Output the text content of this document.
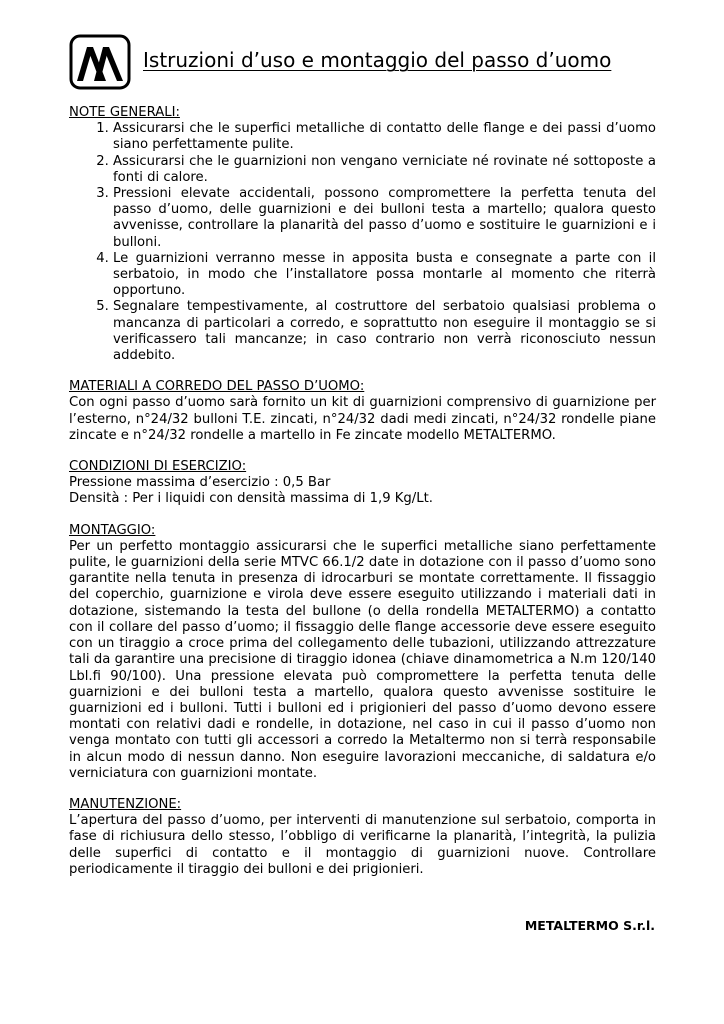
Istruzioni d’uso e montaggio del passo d’uomo
NOTE GENERALI:
1. Assicurarsi che le superfici metalliche di contatto delle flange e dei passi d’uomo siano perfettamente pulite.
2. Assicurarsi che le guarnizioni non vengano verniciate né rovinate né sottoposte a fonti di calore.
3. Pressioni elevate accidentali, possono compromettere la perfetta tenuta del passo d’uomo, delle guarnizioni e dei bulloni testa a martello; qualora questo avvenisse, controllare la planarità del passo d’uomo e sostituire le guarnizioni e i bulloni.
4. Le guarnizioni verranno messe in apposita busta e consegnate a parte con il serbatoio, in modo che l’installatore possa montarle al momento che riterrà opportuno.
5. Segnalare tempestivamente, al costruttore del serbatoio qualsiasi problema o mancanza di particolari a corredo, e soprattutto non eseguire il montaggio se si verificassero tali mancanze; in caso contrario non verrà riconosciuto nessun addebito.
MATERIALI A CORREDO DEL PASSO D’UOMO:

Con ogni passo d’uomo sarà fornito un kit di guarnizioni comprensivo di guarnizione per l’esterno, n°24/32 bulloni T.E. zincati, n°24/32 dadi medi zincati, n°24/32 rondelle piane zincate e n°24/32 rondelle a martello in Fe zincate modello METALTERMO.

CONDIZIONI DI ESERCIZIO:
Pressione massima d’esercizio : 0,5 Bar
Densità : Per i liquidi con densità massima di 1,9 Kg/Lt.
MONTAGGIO:

Per un perfetto montaggio assicurarsi che le superfici metalliche siano perfettamente pulite, le guarnizioni della serie MTVC 66.1/2 date in dotazione con il passo d’uomo sono garantite nella tenuta in presenza di idrocarburi se montate correttamente. Il fissaggio del coperchio, guarnizione e virola deve essere eseguito utilizzando i materiali dati in dotazione, sistemando la testa del bullone (o della rondella METALTERMO) a contatto con il collare del passo d’uomo; il fissaggio delle flange accessorie deve essere eseguito con un tiraggio a croce prima del collegamento delle tubazioni, utilizzando attrezzature tali da garantire una precisione di tiraggio idonea (chiave dinamometrica a N.m 120/140 Lbl.fi 90/100). Una pressione elevata può compromettere la perfetta tenuta delle guarnizioni e dei bulloni testa a martello, qualora questo avvenisse sostituire le guarnizioni ed i bulloni. Tutti i bulloni ed i prigionieri del passo d’uomo devono essere montati con relativi dadi e rondelle, in dotazione, nel caso in cui il passo d’uomo non venga montato con tutti gli accessori a corredo la Metaltermo non si terrà responsabile in alcun modo di nessun danno. Non eseguire lavorazioni meccaniche, di saldatura e/o verniciatura con guarnizioni montate.

MANUTENZIONE:

L’apertura del passo d’uomo, per interventi di manutenzione sul serbatoio, comporta in fase di richiusura dello stesso, l’obbligo di verificarne la planarità, l’integrità, la pulizia delle superfici di contatto e il montaggio di guarnizioni nuove. Controllare periodicamente il tiraggio dei bulloni e dei prigionieri.

METALTERMO S.r.l.
